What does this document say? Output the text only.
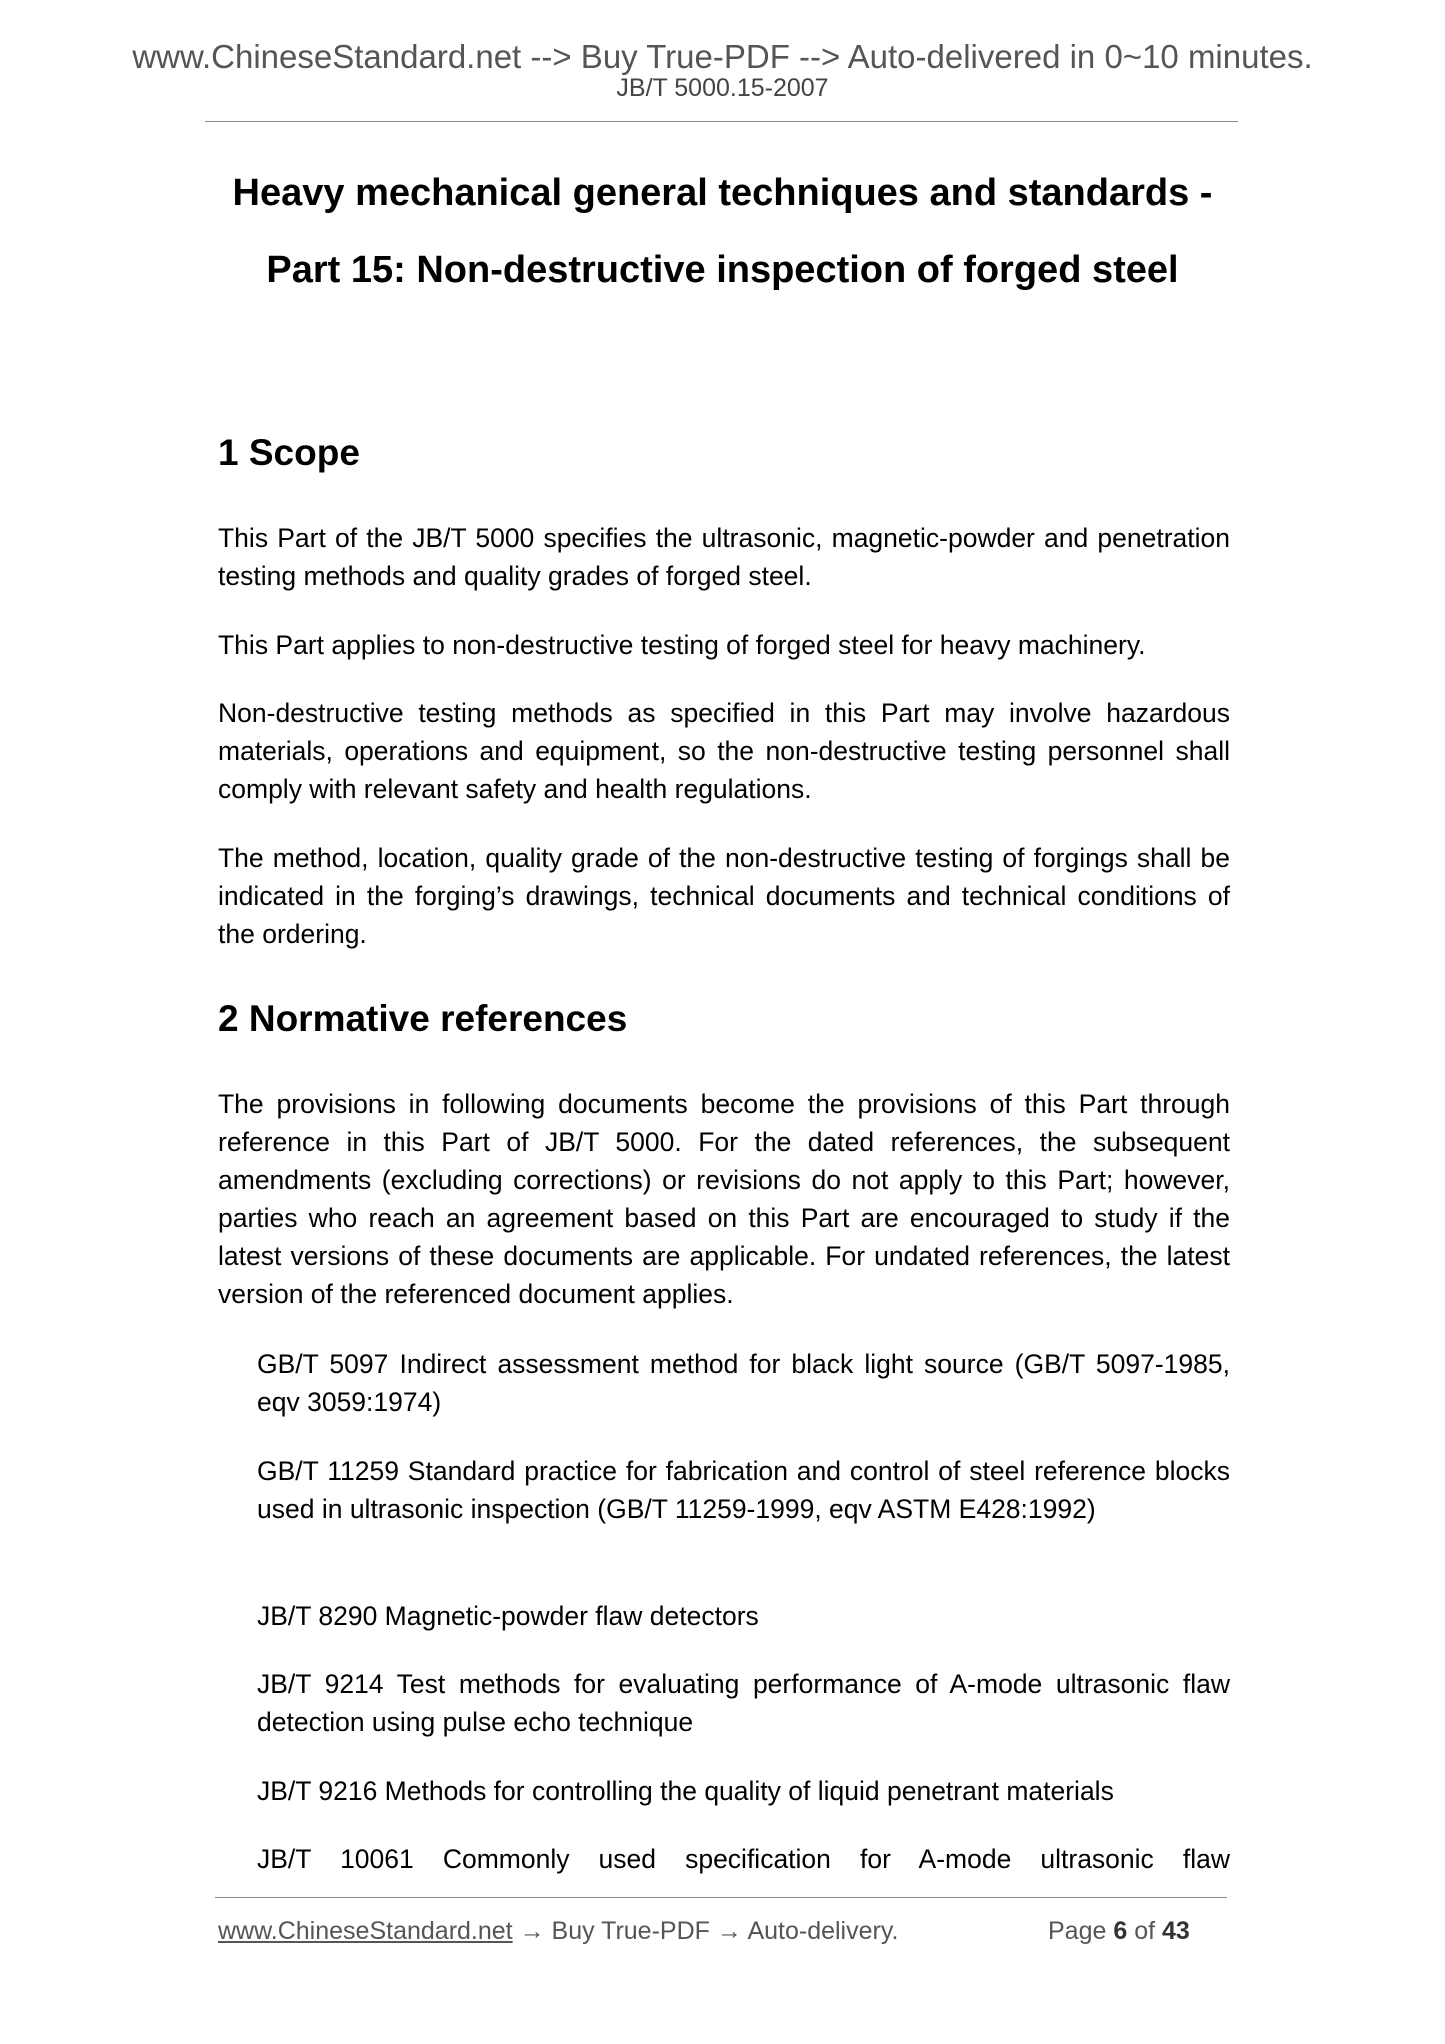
www.ChineseStandard.net --> Buy True-PDF --> Auto-delivered in 0~10 minutes.
JB/T 5000.15-2007
Heavy mechanical general techniques and standards -
Part 15: Non-destructive inspection of forged steel
1 Scope
This Part of the JB/T 5000 specifies the ultrasonic, magnetic-powder and penetration testing methods and quality grades of forged steel.
This Part applies to non-destructive testing of forged steel for heavy machinery.
Non-destructive testing methods as specified in this Part may involve hazardous materials, operations and equipment, so the non-destructive testing personnel shall comply with relevant safety and health regulations.
The method, location, quality grade of the non-destructive testing of forgings shall be indicated in the forging’s drawings, technical documents and technical conditions of the ordering.
2 Normative references
The provisions in following documents become the provisions of this Part through reference in this Part of JB/T 5000. For the dated references, the subsequent amendments (excluding corrections) or revisions do not apply to this Part; however, parties who reach an agreement based on this Part are encouraged to study if the latest versions of these documents are applicable. For undated references, the latest version of the referenced document applies.
GB/T 5097 Indirect assessment method for black light source (GB/T 5097-1985, eqv 3059:1974)
GB/T 11259 Standard practice for fabrication and control of steel reference blocks used in ultrasonic inspection (GB/T 11259-1999, eqv ASTM E428:1992)
JB/T 8290 Magnetic-powder flaw detectors
JB/T 9214 Test methods for evaluating performance of A-mode ultrasonic flaw detection using pulse echo technique
JB/T 9216 Methods for controlling the quality of liquid penetrant materials
JB/T 10061 Commonly used specification for A-mode ultrasonic flaw
www.ChineseStandard.net → Buy True-PDF → Auto-delivery.	Page 6 of 43
